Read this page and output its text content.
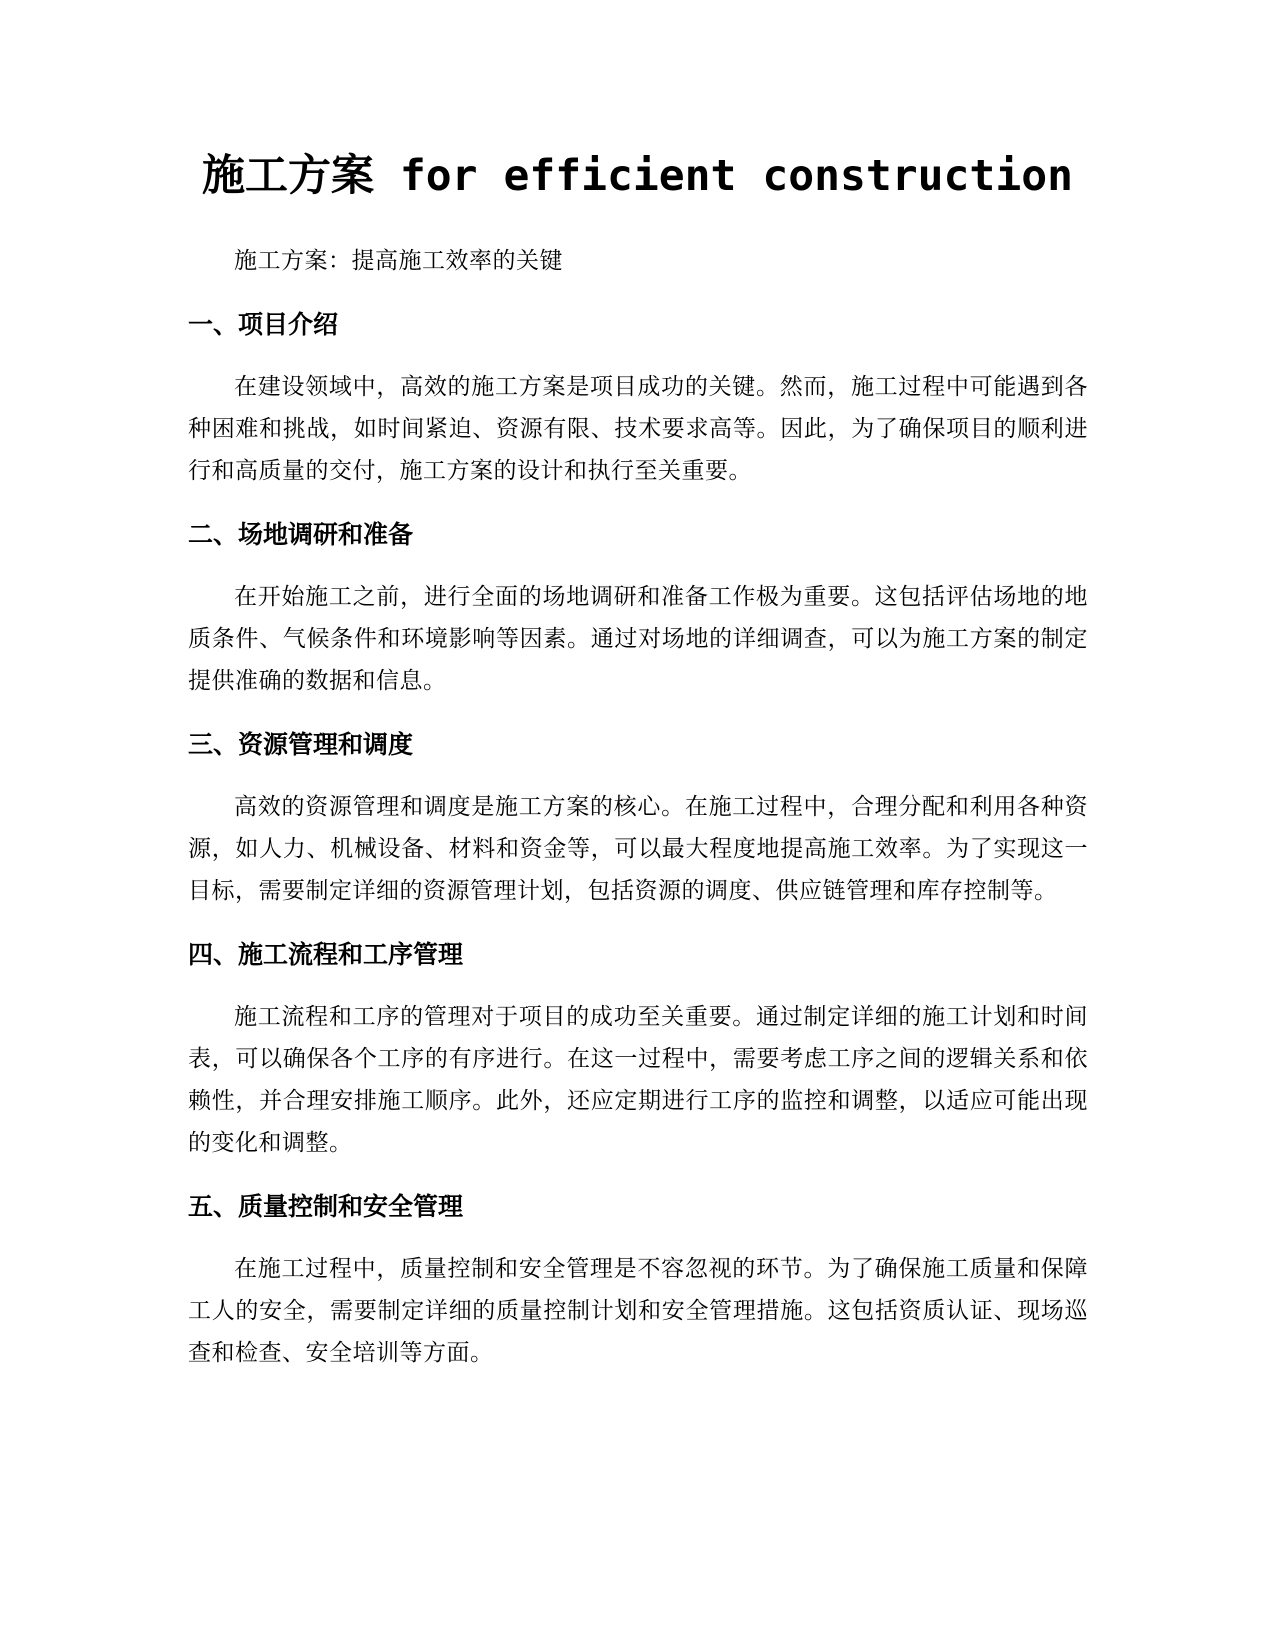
施工方案 for efficient construction

施工方案：提高施工效率的关键

一、项目介绍

在建设领域中，高效的施工方案是项目成功的关键。然而，施工过程中可能遇到各种困难和挑战，如时间紧迫、资源有限、技术要求高等。因此，为了确保项目的顺利进行和高质量的交付，施工方案的设计和执行至关重要。

二、场地调研和准备

在开始施工之前，进行全面的场地调研和准备工作极为重要。这包括评估场地的地质条件、气候条件和环境影响等因素。通过对场地的详细调查，可以为施工方案的制定提供准确的数据和信息。

三、资源管理和调度

高效的资源管理和调度是施工方案的核心。在施工过程中，合理分配和利用各种资源，如人力、机械设备、材料和资金等，可以最大程度地提高施工效率。为了实现这一目标，需要制定详细的资源管理计划，包括资源的调度、供应链管理和库存控制等。

四、施工流程和工序管理

施工流程和工序的管理对于项目的成功至关重要。通过制定详细的施工计划和时间表，可以确保各个工序的有序进行。在这一过程中，需要考虑工序之间的逻辑关系和依赖性，并合理安排施工顺序。此外，还应定期进行工序的监控和调整，以适应可能出现的变化和调整。

五、质量控制和安全管理

在施工过程中，质量控制和安全管理是不容忽视的环节。为了确保施工质量和保障工人的安全，需要制定详细的质量控制计划和安全管理措施。这包括资质认证、现场巡查和检查、安全培训等方面。
